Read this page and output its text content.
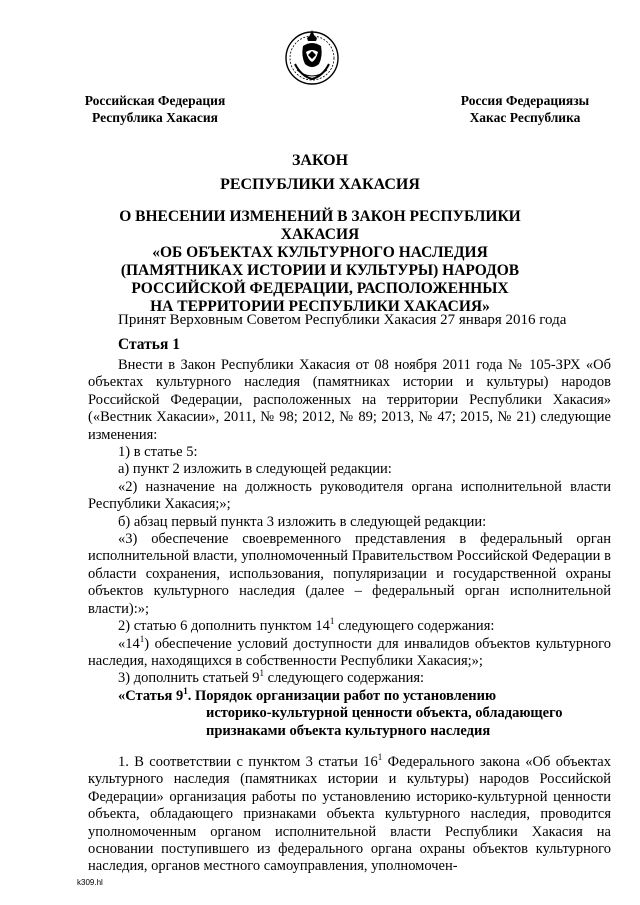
Российская Федерация
Республика Хакасия
Россия Федерациязы
Хакас Республика
ЗАКОН
РЕСПУБЛИКИ ХАКАСИЯ
О ВНЕСЕНИИ ИЗМЕНЕНИЙ В ЗАКОН РЕСПУБЛИКИ ХАКАСИЯ
«ОБ ОБЪЕКТАХ КУЛЬТУРНОГО НАСЛЕДИЯ
(ПАМЯТНИКАХ ИСТОРИИ И КУЛЬТУРЫ) НАРОДОВ
РОССИЙСКОЙ ФЕДЕРАЦИИ, РАСПОЛОЖЕННЫХ
НА ТЕРРИТОРИИ РЕСПУБЛИКИ ХАКАСИЯ»
Принят Верховным Советом Республики Хакасия 27 января 2016 года
Статья 1

Внести в Закон Республики Хакасия от 08 ноября 2011 года № 105-ЗРХ «Об объектах культурного наследия (памятниках истории и культуры) народов Российской Федерации, расположенных на территории Республики Хакасия» («Вестник Хакасии», 2011, № 98; 2012, № 89; 2013, № 47; 2015, № 21) следующие изменения:

1) в статье 5:

а) пункт 2 изложить в следующей редакции:

«2) назначение на должность руководителя органа исполнительной власти Республики Хакасия;»;

б) абзац первый пункта 3 изложить в следующей редакции:

«3) обеспечение своевременного представления в федеральный орган исполнительной власти, уполномоченный Правительством Российской Федерации в области сохранения, использования, популяризации и государственной охраны объектов культурного наследия (далее – федеральный орган исполнительной власти):»;

2) статью 6 дополнить пунктом $14^1$ следующего содержания:

«$14^1$) обеспечение условий доступности для инвалидов объектов культурного наследия, находящихся в собственности Республики Хакасия;»;

3) дополнить статьей $9^1$ следующего содержания:

«Статья $9^1$. Порядок организации работ по установлению
историко-культурной ценности объекта, обладающего
признаками объекта культурного наследия

1. В соответствии с пунктом 3 статьи $16^1$ Федерального закона «Об объектах культурного наследия (памятниках истории и культуры) народов Российской Федерации» организация работы по установлению историко-культурной ценности объекта, обладающего признаками объекта культурного наследия, проводится уполномоченным органом исполнительной власти Республики Хакасия на основании поступившего из федерального органа охраны объектов культурного наследия, органов местного самоуправления, уполномочен-

k309.hl
